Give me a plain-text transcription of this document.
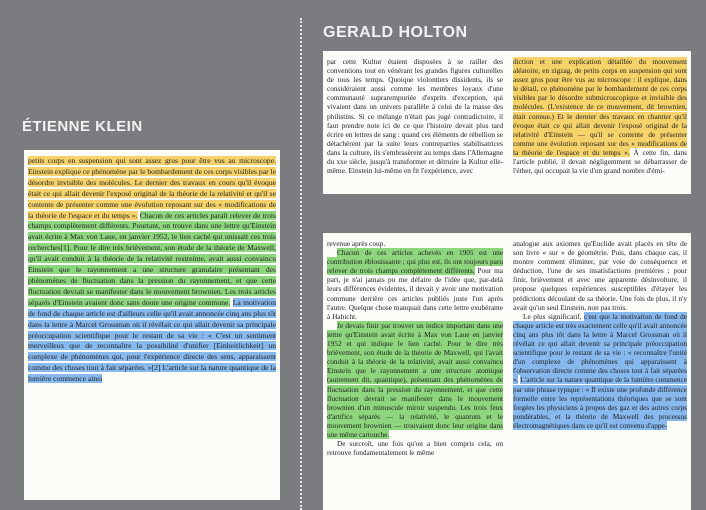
ÉTIENNE KLEIN
GERALD HOLTON

petits corps en suspension qui sont assez gros pour être vus au microscope. Einstein explique ce phénomène par le bombardement de ces corps visibles par le désordre invisible des molécules. Le dernier des travaux en cours qu'il évoque était ce qui allait devenir l'exposé original de la théorie de la relativité et qu'il se contente de présenter comme une évolution reposant sur des « modifications de la théorie de l'espace et du temps ». Chacun de ces articles paraît relever de trois champs complètement différents. Pourtant, on trouve dans une lettre qu'Einstein avait écrite à Max von Laue, en janvier 1952, le lien caché qui unissait ces trois recherches[1]. Pour le dire très brièvement, son étude de la théorie de Maxwell, qu'il avait conduit à la théorie de la relativité restreinte, avait aussi convaincu Einstein que le rayonnement a une structure granulaire présentant des phénomènes de fluctuation dans la pression du rayonnement, et que cette fluctuation devrait se manifester dans le mouvement brownien. Les trois articles séparés d'Einstein avaient donc sans doute une origine commune. La motivation de fond de chaque article est d'ailleurs celle qu'il avait annoncée cinq ans plus tôt dans la lettre à Marcel Grossman où il révélait ce qui allait devenir sa principale préoccupation scientifique pour le restant de sa vie : « C'est un sentiment merveilleux que de reconnaître la possibilité d'unifier [Einheitlichkeit] un complexe de phénomènes qui, pour l'expérience directe des sens, apparaissent comme des choses tout à fait séparées. »[2] L'article sur la nature quantique de la lumière commence ainsi

par cette Kultur étaient disposées à se railler des conventions tout en vénérant les grandes figures culturelles de tous les temps. Quoique violontiers dissidents, ils se considéraient aussi comme les membres loyaux d'une communauté suprarempuriée d'esprits d'exception, qui vivaient dans un univers parallèle à celui de la masse des philistins. Si ce mélange n'était pas jugé contradictoire, il faut prendre note ici de ce que l'histoire devait plus tard écrire en lettres de sang : quand ces éléments de rébellion se détachèrent par la suite leurs contreparties stabilisatrices dans la culture, ils s'embrasèrent au temps dans l'Allemagne du xxe siècle, jusqu'à transformer et détruire la Kultur elle-même. Einstein lui-même en fit l'expérience, avec

diction et une explication détaillée du mouvement aléatoire, en zigzag, de petits corps en suspension qui sont assez gros pour être vus au microscope : il explique, dans le détail, ce phénomène par le bombardement de ces corps visibles par le désordre submicroscopique et invisible des molécules. (L'existence de ce mouvement, dit brownien, était connue.) Et le dernier des travaux en chantier qu'il évoque était ce qui allait devenir l'exposé original de la relativité d'Einstein — qu'il se contente de présenter comme une évolution reposant sur des « modifications de la théorie de l'espace et du temps ». À cette fin, dans l'article publié, il devait négligemment se débarrasser de l'éther, qui occupait la vie d'un grand nombre d'émi-

revenue après coup.

Chacun de ces articles achevés en 1905 est une contribution éblouissante ; qui plus est, ils ont toujours paru relever de trois champs complètement différents. Pour ma part, je n'ai jamais pu me défaire de l'idée que, par-delà leurs différences évidentes, il devait y avoir une motivation commune derrière ces articles publiés juste l'un après l'autre. Quelque chose manquait dans cette lettre exubérante à Habicht.

Je devais finir par trouver un indice important dans une lettre qu'Einstein avait écrite à Max von Laue en janvier 1952 et qui indique le lien caché. Pour le dire très brièvement, son étude de la théorie de Maxwell, qui l'avait conduit à la théorie de la relativité, avait aussi convaincu Einstein que le rayonnement a une structure atomique (autrement dit, quantique), présentant des phénomènes de fluctuation dans la pression du rayonnement, et que cette fluctuation devrait se manifester dans le mouvement brownien d'un minuscule miroir suspendu. Les trois feux d'artifice séparés — la relativité, le quantum et le mouvement brownien — trouvaient donc leur origine dans une même cartouche.

De surcroît, une fois qu'on a bien compris cela, on retrouve fondamentalement le même

analogue aux axiomes qu'Euclide avait placés en tête de son livre « sur » de géométrie. Puis, dans chaque cas, il montre comment éliminer, par voie de conséquence et déduction, l'une de ses insatisfactions premières ; pour finir, brièvement et avec une apparente désinvolture, il propose quelques expériences susceptibles d'étayer les prédictions découlant de sa théorie. Une fois de plus, il n'y avait qu'un seul Einstein, non pas trois.

Le plus significatif, c'est que la motivation de fond de chaque article est très exactement celle qu'il avait annoncée cinq ans plus tôt dans la lettre à Marcel Grossman où il révélait ce qui allait devenir sa principale préoccupation scientifique pour le restant de sa vie : « reconnaître l'unité d'un complexe de phénomènes qui apparaissent à l'observation directe comme des choses tout à fait séparées ». L'article sur la nature quantique de la lumière commence par une phrase typique : « Il existe une profonde différence formelle entre les représentations théoriques que se sont forgées les physiciens à propos des gaz et des autres corps pondérables, et la théorie de Maxwell des processus électromagnétiques dans ce qu'il est convenu d'appe-
